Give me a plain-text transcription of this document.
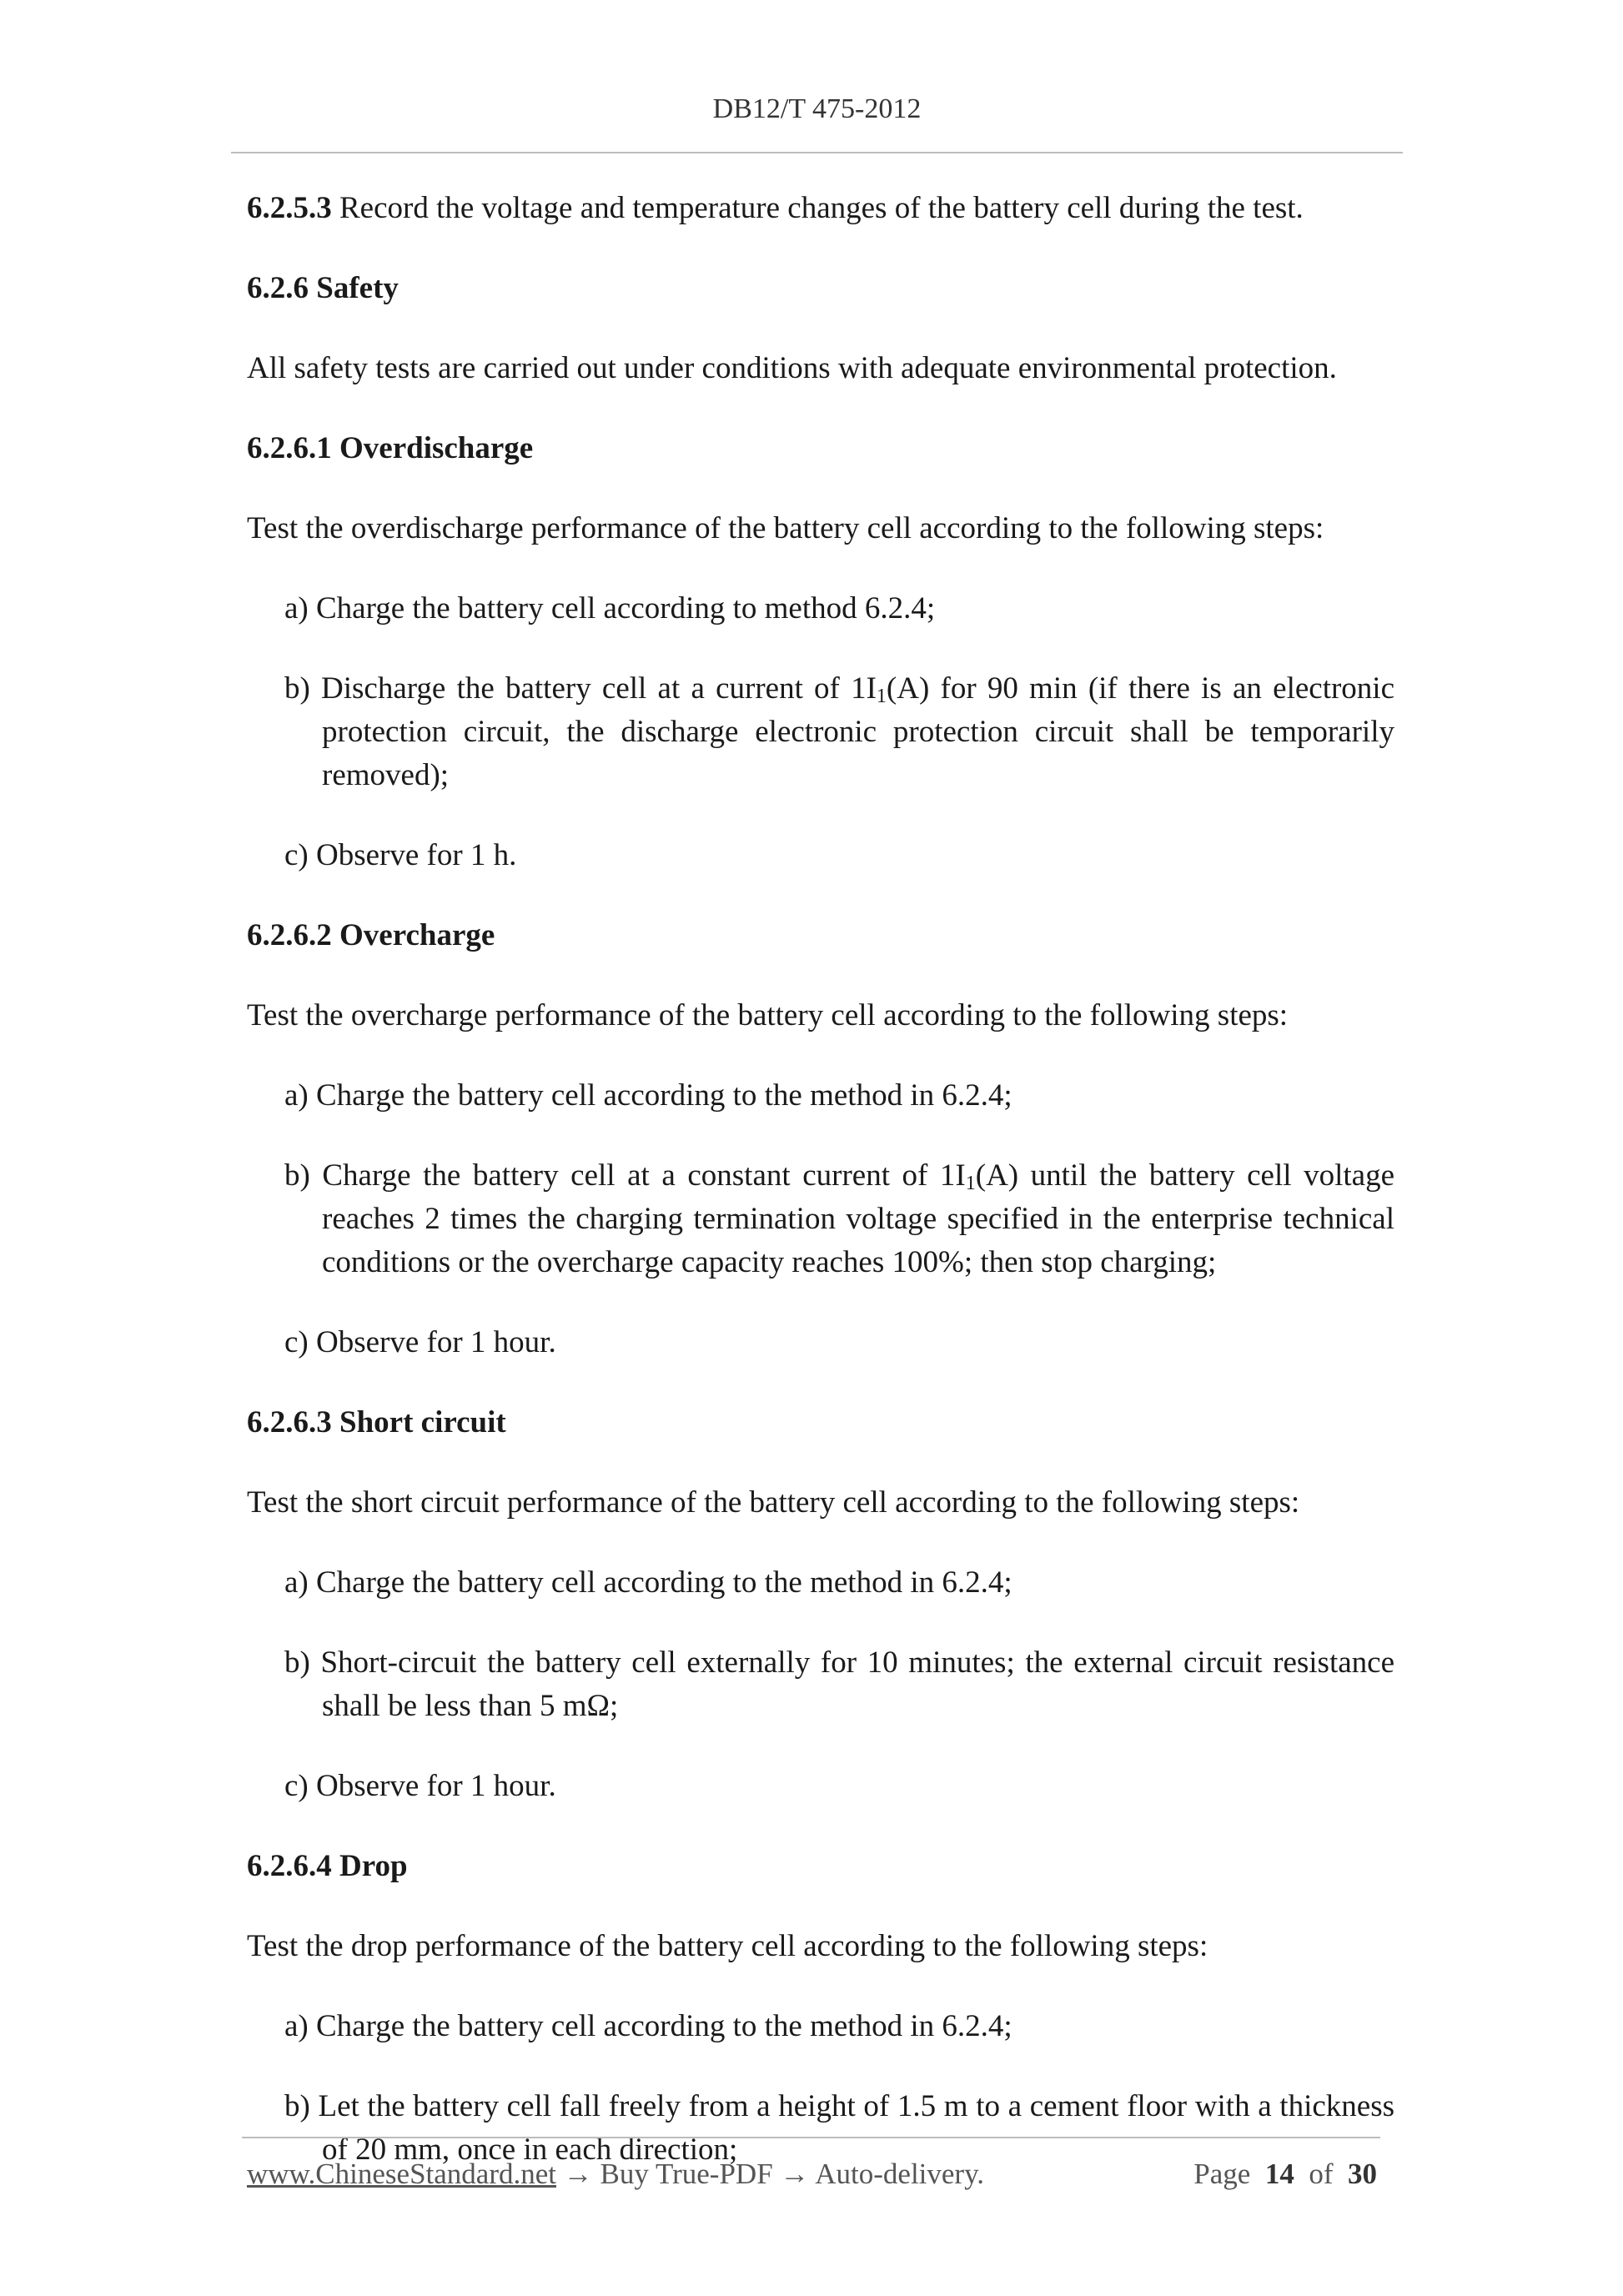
DB12/T 475-2012
6.2.5.3 Record the voltage and temperature changes of the battery cell during the test.
6.2.6 Safety
All safety tests are carried out under conditions with adequate environmental protection.
6.2.6.1 Overdischarge
Test the overdischarge performance of the battery cell according to the following steps:
a) Charge the battery cell according to method 6.2.4;
b) Discharge the battery cell at a current of $1I_1(A)$ for 90 min (if there is an electronic protection circuit, the discharge electronic protection circuit shall be temporarily removed);
c) Observe for 1 h.
6.2.6.2 Overcharge
Test the overcharge performance of the battery cell according to the following steps:
a) Charge the battery cell according to the method in 6.2.4;
b) Charge the battery cell at a constant current of $1I_1(A)$ until the battery cell voltage reaches 2 times the charging termination voltage specified in the enterprise technical conditions or the overcharge capacity reaches 100%; then stop charging;
c) Observe for 1 hour.
6.2.6.3 Short circuit
Test the short circuit performance of the battery cell according to the following steps:
a) Charge the battery cell according to the method in 6.2.4;
b) Short-circuit the battery cell externally for 10 minutes; the external circuit resistance shall be less than 5 mΩ;
c) Observe for 1 hour.
6.2.6.4 Drop
Test the drop performance of the battery cell according to the following steps:
a) Charge the battery cell according to the method in 6.2.4;
b) Let the battery cell fall freely from a height of 1.5 m to a cement floor with a thickness of 20 mm, once in each direction;
www.ChineseStandard.net → Buy True-PDF → Auto-delivery.	Page 14 of 30
